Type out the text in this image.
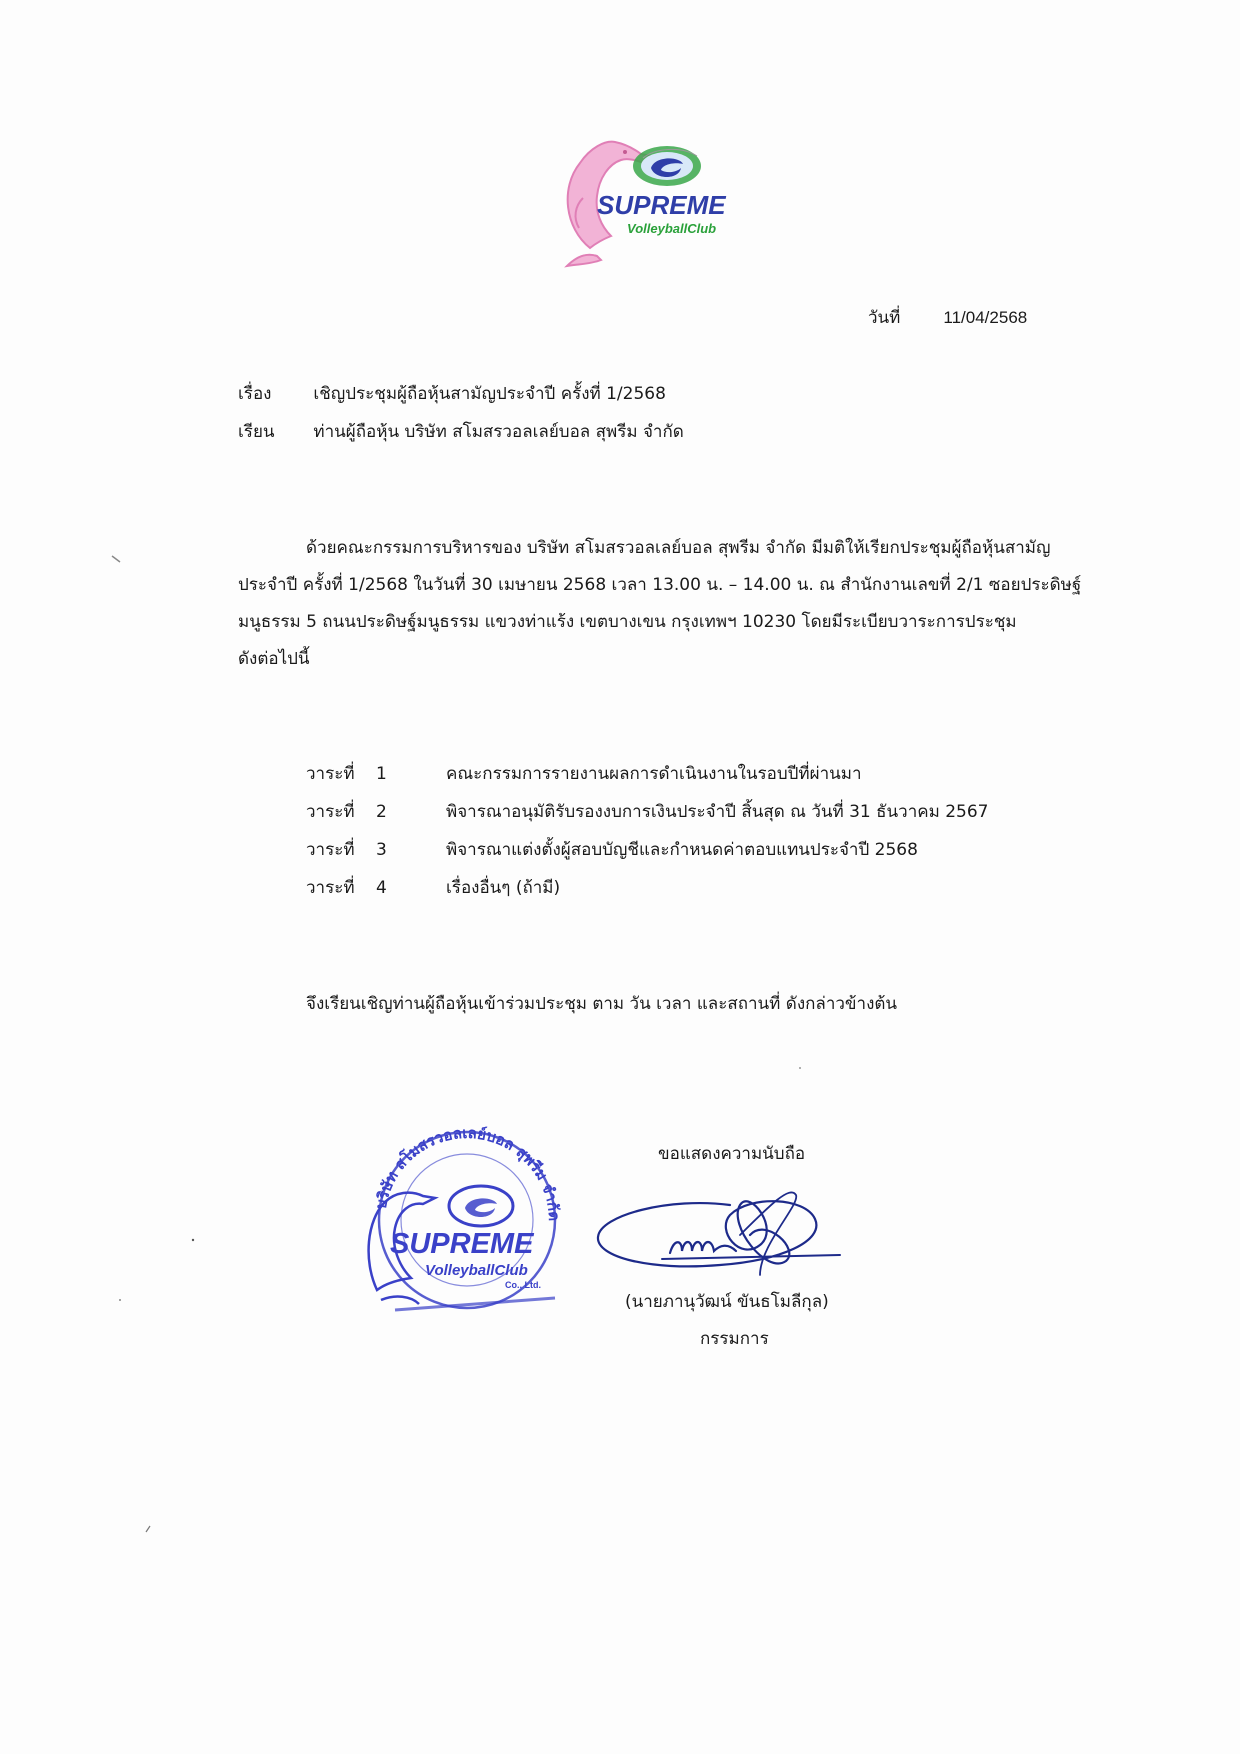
SUPREME
VolleyballClub
วันที่	11/04/2568
เรื่อง เชิญประชุมผู้ถือหุ้นสามัญประจำปี ครั้งที่ 1/2568
เรียน ท่านผู้ถือหุ้น บริษัท สโมสรวอลเลย์บอล สุพรีม จำกัด
ด้วยคณะกรรมการบริหารของ บริษัท สโมสรวอลเลย์บอล สุพรีม จำกัด มีมติให้เรียกประชุมผู้ถือหุ้นสามัญ
ประจำปี ครั้งที่ 1/2568 ในวันที่ 30 เมษายน 2568 เวลา 13.00 น. – 14.00 น. ณ สำนักงานเลขที่ 2/1 ซอยประดิษฐ์
มนูธรรม 5 ถนนประดิษฐ์มนูธรรม แขวงท่าแร้ง เขตบางเขน กรุงเทพฯ 10230 โดยมีระเบียบวาระการประชุม
ดังต่อไปนี้
วาระที่ 1	คณะกรรมการรายงานผลการดำเนินงานในรอบปีที่ผ่านมา
วาระที่ 2	พิจารณาอนุมัติรับรองงบการเงินประจำปี สิ้นสุด ณ วันที่ 31 ธันวาคม 2567
วาระที่ 3	พิจารณาแต่งตั้งผู้สอบบัญชีและกำหนดค่าตอบแทนประจำปี 2568
วาระที่ 4	เรื่องอื่นๆ (ถ้ามี)
จึงเรียนเชิญท่านผู้ถือหุ้นเข้าร่วมประชุม ตาม วัน เวลา และสถานที่ ดังกล่าวข้างต้น
บริษัท สโมสรวอลเลย์บอล สุพรีม จำกัด
SUPREME
VolleyballClub
Co., Ltd.
ขอแสดงความนับถือ
(นายภานุวัฒน์ ขันธโมลีกุล)
กรรมการ
